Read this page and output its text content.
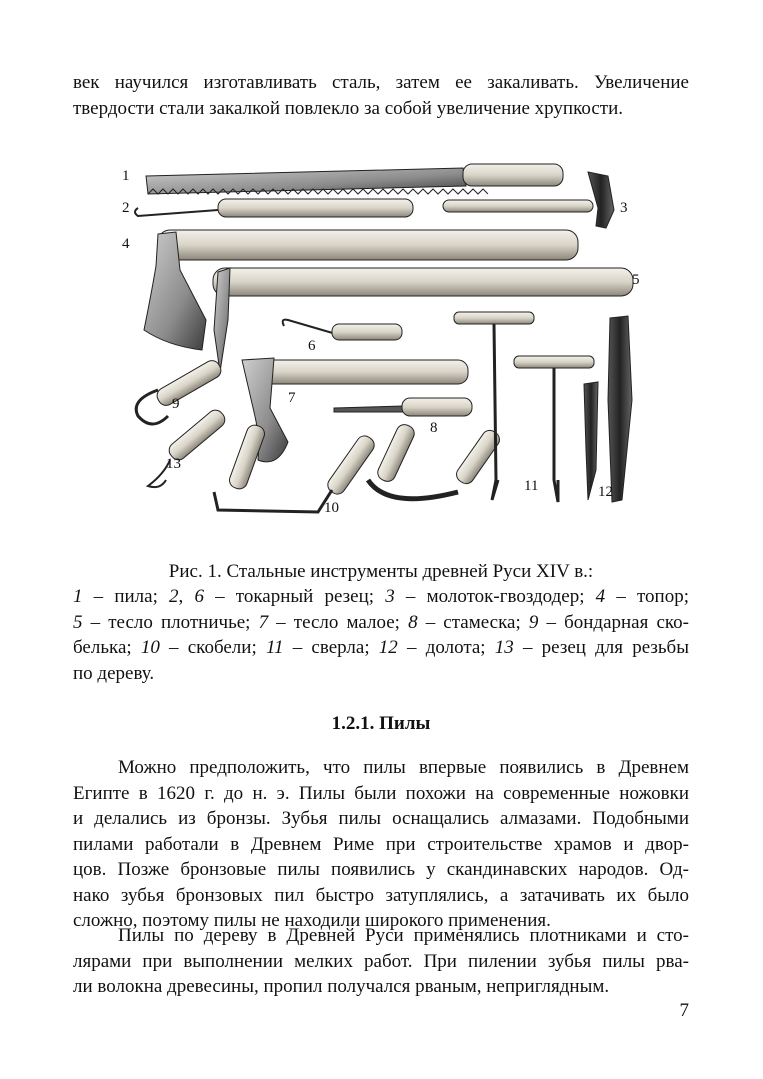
век научился изготавливать сталь, затем ее закаливать. Увеличение
твердости стали закалкой повлекло за собой увеличение хрупкости.
1
2	3
4
5
6
7
8
9
10
11	12
13

Рис. 1. Стальные инструменты древней Руси XIV в.:

1 – пила; 2, 6 – токарный резец; 3 – молоток-гвоздодер; 4 – топор;
5 – тесло плотничье; 7 – тесло малое; 8 – стамеска; 9 – бондарная ско-
белька; 10 – скобели; 11 – сверла; 12 – долота; 13 – резец для резьбы
по дереву.

1.2.1. Пилы

Можно предположить, что пилы впервые появились в Древнем
Египте в 1620 г. до н. э. Пилы были похожи на современные ножовки
и делались из бронзы. Зубья пилы оснащались алмазами. Подобными
пилами работали в Древнем Риме при строительстве храмов и двор-
цов. Позже бронзовые пилы появились у скандинавских народов. Од-
нако зубья бронзовых пил быстро затуплялись, а затачивать их было
сложно, поэтому пилы не находили широкого применения.
Пилы по дереву в Древней Руси применялись плотниками и сто-
лярами при выполнении мелких работ. При пилении зубья пилы рва-
ли волокна древесины, пропил получался рваным, неприглядным.

7
